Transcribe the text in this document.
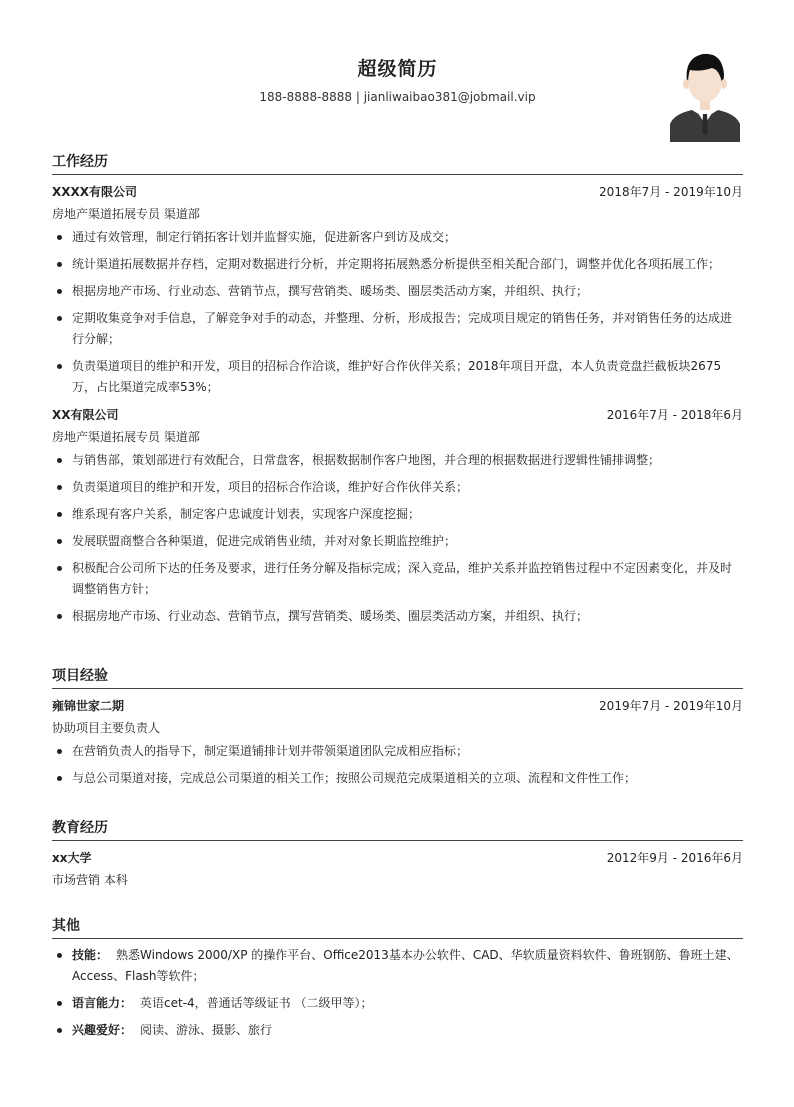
超级简历
188-8888-8888 | jianliwaibao381@jobmail.vip
工作经历
XXXX有限公司	2018年7月 - 2019年10月
房地产渠道拓展专员 渠道部
通过有效管理，制定行销拓客计划并监督实施，促进新客户到访及成交；
统计渠道拓展数据并存档，定期对数据进行分析，并定期将拓展熟悉分析提供至相关配合部门，调整并优化各项拓展工作；
根据房地产市场、行业动态、营销节点，撰写营销类、暖场类、圈层类活动方案，并组织、执行；
定期收集竞争对手信息，了解竞争对手的动态，并整理、分析，形成报告；完成项目规定的销售任务，并对销售任务的达成进行分解；
负责渠道项目的维护和开发，项目的招标合作洽谈，维护好合作伙伴关系；2018年项目开盘，本人负责竞盘拦截板块2675万，占比渠道完成率53%；
XX有限公司	2016年7月 - 2018年6月
房地产渠道拓展专员 渠道部
与销售部，策划部进行有效配合，日常盘客，根据数据制作客户地图，并合理的根据数据进行逻辑性铺排调整；
负责渠道项目的维护和开发，项目的招标合作洽谈，维护好合作伙伴关系；
维系现有客户关系，制定客户忠诚度计划表，实现客户深度挖掘；
发展联盟商整合各种渠道，促进完成销售业绩，并对对象长期监控维护；
积极配合公司所下达的任务及要求，进行任务分解及指标完成；深入竞品，维护关系并监控销售过程中不定因素变化，并及时调整销售方针；
根据房地产市场、行业动态、营销节点，撰写营销类、暖场类、圈层类活动方案，并组织、执行；
项目经验
雍锦世家二期	2019年7月 - 2019年10月
协助项目主要负责人
在营销负责人的指导下，制定渠道铺排计划并带领渠道团队完成相应指标；
与总公司渠道对接，完成总公司渠道的相关工作；按照公司规范完成渠道相关的立项、流程和文件性工作；
教育经历
xx大学	2012年9月 - 2016年6月
市场营销 本科
其他
技能： 熟悉Windows 2000/XP 的操作平台、Office2013基本办公软件、CAD、华软质量资料软件、鲁班钢筋、鲁班土建、Access、Flash等软件；
语言能力： 英语cet-4，普通话等级证书 （二级甲等）；
兴趣爱好： 阅读、游泳、摄影、旅行
